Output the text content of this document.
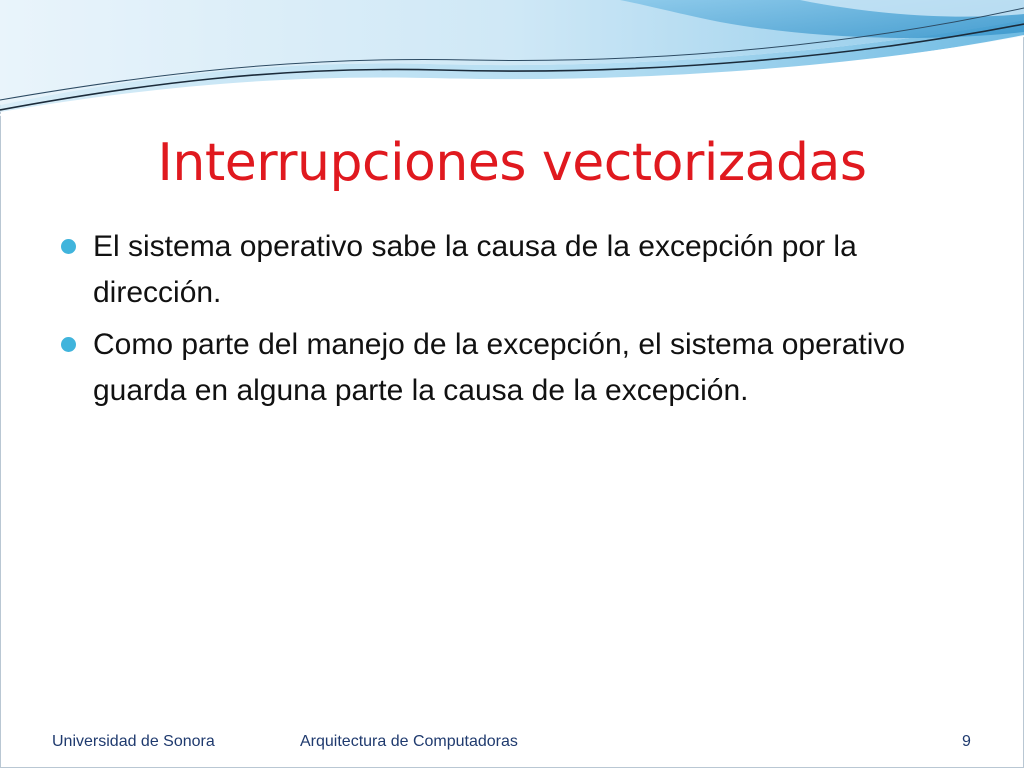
Interrupciones vectorizadas
El sistema operativo sabe la causa de la excepción por la dirección.
Como parte del manejo de la excepción, el sistema operativo guarda en alguna parte la causa de la excepción.
Universidad de Sonora	Arquitectura de Computadoras	9
